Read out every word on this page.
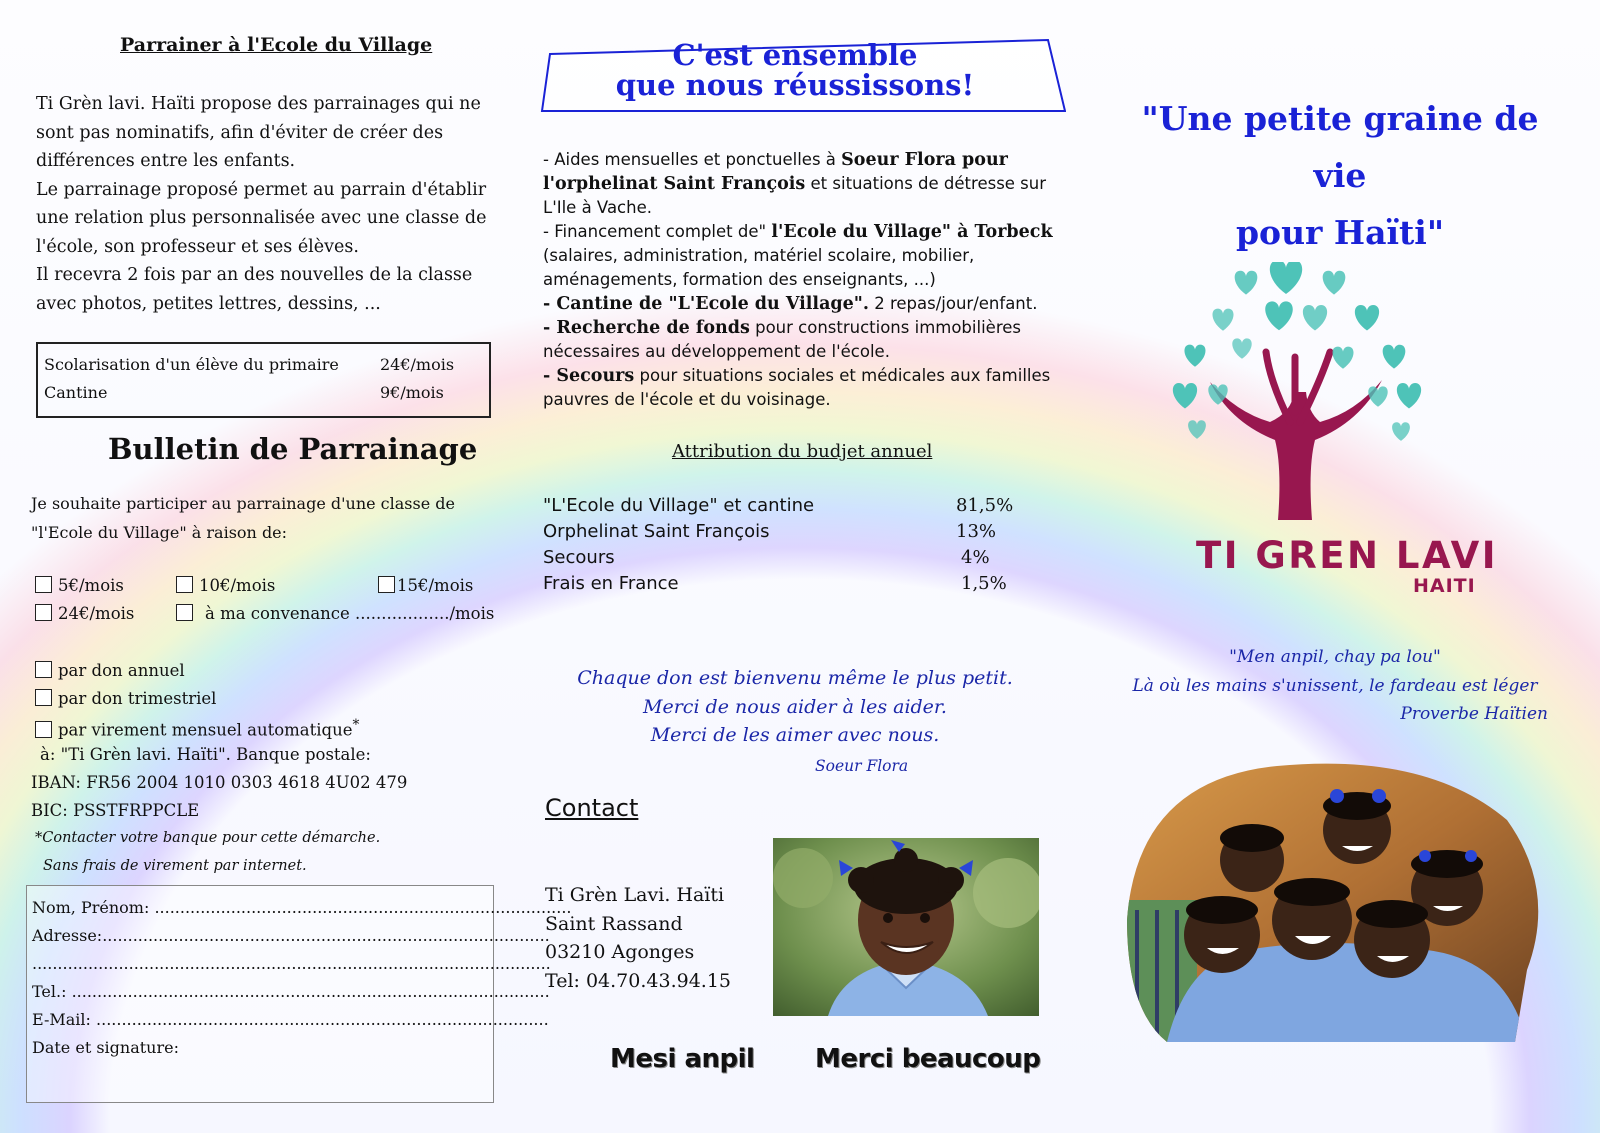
Parrainer à l'Ecole du Village

Ti Grèn lavi. Haïti propose des parrainages qui ne sont pas nominatifs, afin d'éviter de créer des différences entre les enfants.

Le parrainage proposé permet au parrain d'établir une relation plus personnalisée avec une classe de l'école, son professeur et ses élèves.

Il recevra 2 fois par an des nouvelles de la classe avec photos, petites lettres, dessins, ...

Scolarisation d'un élève du primaire	24€/mois
Cantine	9€/mois
Bulletin de Parrainage
Je souhaite participer au parrainage d'une classe de "l'Ecole du Village" à raison de:
5€/mois	10€/mois	15€/mois
24€/mois	à ma convenance ................../mois
par don annuel
par don trimestriel
par virement mensuel automatique*
à: "Ti Grèn lavi. Haïti". Banque postale:
IBAN: FR56 2004 1010 0303 4618 4U02 479
BIC: PSSTFRPPCLE
*Contacter votre banque pour cette démarche.
Sans frais de virement par internet.
Nom, Prénom: ..................................................................................
Adresse:........................................................................................
......................................................................................................
Tel.: ..............................................................................................
E-Mail: .........................................................................................
Date et signature:
C'est ensemble
que nous réussissons!

- Aides mensuelles et ponctuelles à Soeur Flora pour l'orphelinat Saint François et situations de détresse sur L'Ile à Vache.

- Financement complet de" l'Ecole du Village" à Torbeck (salaires, administration, matériel scolaire, mobilier, aménagements, formation des enseignants, ...)

- Cantine de "L'Ecole du Village". 2 repas/jour/enfant.

- Recherche de fonds pour constructions immobilières nécessaires au développement de l'école.

- Secours pour situations sociales et médicales aux familles pauvres de l'école et du voisinage.

Attribution du budjet annuel
"L'Ecole du Village" et cantine	81,5%
Orphelinat Saint François	13%
Secours	4%
Frais en France	1,5%
Chaque don est bienvenu même le plus petit.
Merci de nous aider à les aider.
Merci de les aimer avec nous.
Soeur Flora
Contact
Ti Grèn Lavi. Haïti
Saint Rassand
03210 Agonges
Tel: 04.70.43.94.15
Mesi anpil Merci beaucoup
"Une petite graine de vie
pour Haïti"
TI GREN LAVI
HAITI
"Men anpil, chay pa lou"
Là où les mains s'unissent, le fardeau est léger
Proverbe Haïtien
